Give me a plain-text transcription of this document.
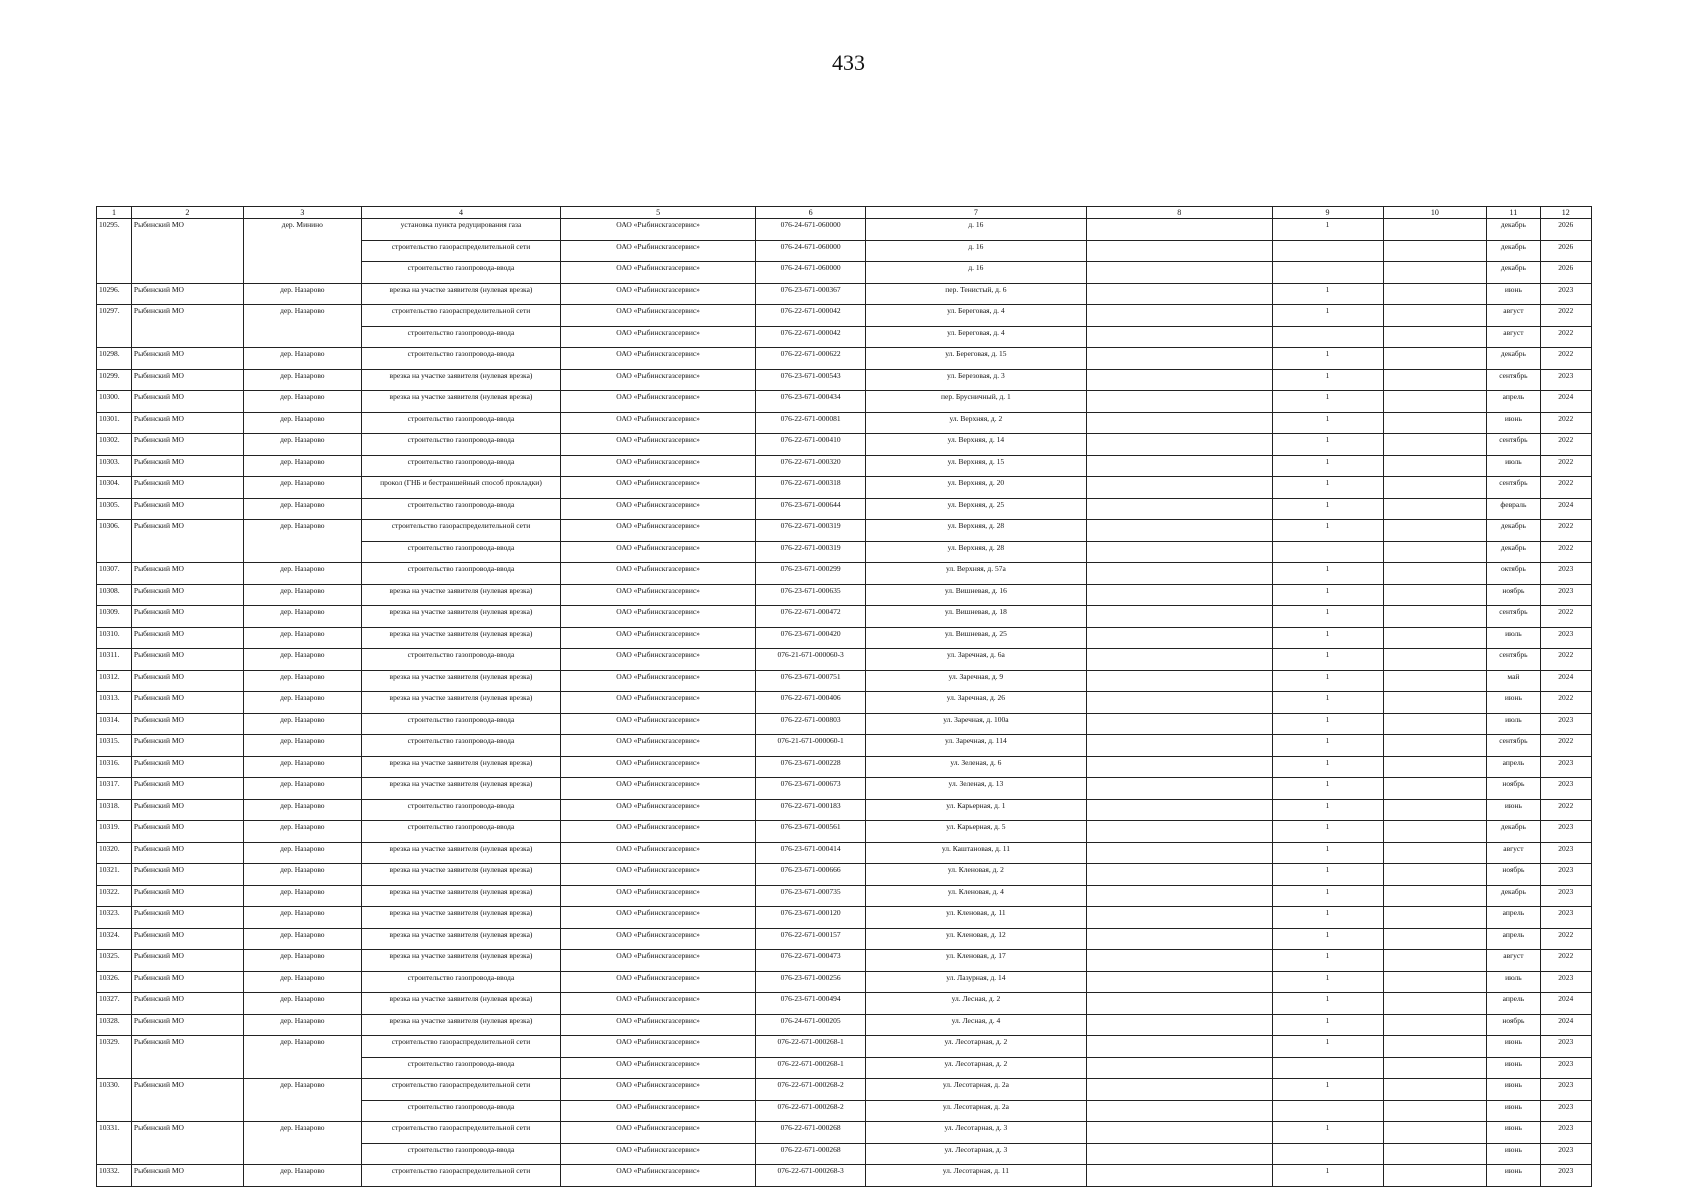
433
1	2	3	4	5	6	7	8	9	10	11	12
10295.	Рыбинский МО	дер. Минино	установка пункта редуцирования газа	ОАО «Рыбинскгазсервис»	076-24-671-060000	д. 16		1		декабрь	2026
			строительство газораспределительной сети	ОАО «Рыбинскгазсервис»	076-24-671-060000	д. 16				декабрь	2026
			строительство газопровода-ввода	ОАО «Рыбинскгазсервис»	076-24-671-060000	д. 16				декабрь	2026
10296.	Рыбинский МО	дер. Назарово	врезка на участке заявителя (нулевая врезка)	ОАО «Рыбинскгазсервис»	076-23-671-000367	пер. Тенистый, д. 6		1		июнь	2023
10297.	Рыбинский МО	дер. Назарово	строительство газораспределительной сети	ОАО «Рыбинскгазсервис»	076-22-671-000042	ул. Береговая, д. 4		1		август	2022
			строительство газопровода-ввода	ОАО «Рыбинскгазсервис»	076-22-671-000042	ул. Береговая, д. 4				август	2022
10298.	Рыбинский МО	дер. Назарово	строительство газопровода-ввода	ОАО «Рыбинскгазсервис»	076-22-671-000622	ул. Береговая, д. 15		1		декабрь	2022
10299.	Рыбинский МО	дер. Назарово	врезка на участке заявителя (нулевая врезка)	ОАО «Рыбинскгазсервис»	076-23-671-000543	ул. Березовая, д. 3		1		сентябрь	2023
10300.	Рыбинский МО	дер. Назарово	врезка на участке заявителя (нулевая врезка)	ОАО «Рыбинскгазсервис»	076-23-671-000434	пер. Брусничный, д. 1		1		апрель	2024
10301.	Рыбинский МО	дер. Назарово	строительство газопровода-ввода	ОАО «Рыбинскгазсервис»	076-22-671-000081	ул. Верхняя, д. 2		1		июнь	2022
10302.	Рыбинский МО	дер. Назарово	строительство газопровода-ввода	ОАО «Рыбинскгазсервис»	076-22-671-000410	ул. Верхняя, д. 14		1		сентябрь	2022
10303.	Рыбинский МО	дер. Назарово	строительство газопровода-ввода	ОАО «Рыбинскгазсервис»	076-22-671-000320	ул. Верхняя, д. 15		1		июль	2022
10304.	Рыбинский МО	дер. Назарово	прокол (ГНБ и бестраншейный способ прокладки)	ОАО «Рыбинскгазсервис»	076-22-671-000318	ул. Верхняя, д. 20		1		сентябрь	2022
10305.	Рыбинский МО	дер. Назарово	строительство газопровода-ввода	ОАО «Рыбинскгазсервис»	076-23-671-000644	ул. Верхняя, д. 25		1		февраль	2024
10306.	Рыбинский МО	дер. Назарово	строительство газораспределительной сети	ОАО «Рыбинскгазсервис»	076-22-671-000319	ул. Верхняя, д. 28		1		декабрь	2022
			строительство газопровода-ввода	ОАО «Рыбинскгазсервис»	076-22-671-000319	ул. Верхняя, д. 28				декабрь	2022
10307.	Рыбинский МО	дер. Назарово	строительство газопровода-ввода	ОАО «Рыбинскгазсервис»	076-23-671-000299	ул. Верхняя, д. 57а		1		октябрь	2023
10308.	Рыбинский МО	дер. Назарово	врезка на участке заявителя (нулевая врезка)	ОАО «Рыбинскгазсервис»	076-23-671-000635	ул. Вишневая, д. 16		1		ноябрь	2023
10309.	Рыбинский МО	дер. Назарово	врезка на участке заявителя (нулевая врезка)	ОАО «Рыбинскгазсервис»	076-22-671-000472	ул. Вишневая, д. 18		1		сентябрь	2022
10310.	Рыбинский МО	дер. Назарово	врезка на участке заявителя (нулевая врезка)	ОАО «Рыбинскгазсервис»	076-23-671-000420	ул. Вишневая, д. 25		1		июль	2023
10311.	Рыбинский МО	дер. Назарово	строительство газопровода-ввода	ОАО «Рыбинскгазсервис»	076-21-671-000060-3	ул. Заречная, д. 6а		1		сентябрь	2022
10312.	Рыбинский МО	дер. Назарово	врезка на участке заявителя (нулевая врезка)	ОАО «Рыбинскгазсервис»	076-23-671-000751	ул. Заречная, д. 9		1		май	2024
10313.	Рыбинский МО	дер. Назарово	врезка на участке заявителя (нулевая врезка)	ОАО «Рыбинскгазсервис»	076-22-671-000406	ул. Заречная, д. 26		1		июнь	2022
10314.	Рыбинский МО	дер. Назарово	строительство газопровода-ввода	ОАО «Рыбинскгазсервис»	076-22-671-000803	ул. Заречная, д. 100а		1		июль	2023
10315.	Рыбинский МО	дер. Назарово	строительство газопровода-ввода	ОАО «Рыбинскгазсервис»	076-21-671-000060-1	ул. Заречная, д. 114		1		сентябрь	2022
10316.	Рыбинский МО	дер. Назарово	врезка на участке заявителя (нулевая врезка)	ОАО «Рыбинскгазсервис»	076-23-671-000228	ул. Зеленая, д. 6		1		апрель	2023
10317.	Рыбинский МО	дер. Назарово	врезка на участке заявителя (нулевая врезка)	ОАО «Рыбинскгазсервис»	076-23-671-000673	ул. Зеленая, д. 13		1		ноябрь	2023
10318.	Рыбинский МО	дер. Назарово	строительство газопровода-ввода	ОАО «Рыбинскгазсервис»	076-22-671-000183	ул. Карьерная, д. 1		1		июнь	2022
10319.	Рыбинский МО	дер. Назарово	строительство газопровода-ввода	ОАО «Рыбинскгазсервис»	076-23-671-000561	ул. Карьерная, д. 5		1		декабрь	2023
10320.	Рыбинский МО	дер. Назарово	врезка на участке заявителя (нулевая врезка)	ОАО «Рыбинскгазсервис»	076-23-671-000414	ул. Каштановая, д. 11		1		август	2023
10321.	Рыбинский МО	дер. Назарово	врезка на участке заявителя (нулевая врезка)	ОАО «Рыбинскгазсервис»	076-23-671-000666	ул. Кленовая, д. 2		1		ноябрь	2023
10322.	Рыбинский МО	дер. Назарово	врезка на участке заявителя (нулевая врезка)	ОАО «Рыбинскгазсервис»	076-23-671-000735	ул. Кленовая, д. 4		1		декабрь	2023
10323.	Рыбинский МО	дер. Назарово	врезка на участке заявителя (нулевая врезка)	ОАО «Рыбинскгазсервис»	076-23-671-000120	ул. Кленовая, д. 11		1		апрель	2023
10324.	Рыбинский МО	дер. Назарово	врезка на участке заявителя (нулевая врезка)	ОАО «Рыбинскгазсервис»	076-22-671-000157	ул. Кленовая, д. 12		1		апрель	2022
10325.	Рыбинский МО	дер. Назарово	врезка на участке заявителя (нулевая врезка)	ОАО «Рыбинскгазсервис»	076-22-671-000473	ул. Кленовая, д. 17		1		август	2022
10326.	Рыбинский МО	дер. Назарово	строительство газопровода-ввода	ОАО «Рыбинскгазсервис»	076-23-671-000256	ул. Лазурная, д. 14		1		июль	2023
10327.	Рыбинский МО	дер. Назарово	врезка на участке заявителя (нулевая врезка)	ОАО «Рыбинскгазсервис»	076-23-671-000494	ул. Лесная, д. 2		1		апрель	2024
10328.	Рыбинский МО	дер. Назарово	врезка на участке заявителя (нулевая врезка)	ОАО «Рыбинскгазсервис»	076-24-671-000205	ул. Лесная, д. 4		1		ноябрь	2024
10329.	Рыбинский МО	дер. Назарово	строительство газораспределительной сети	ОАО «Рыбинскгазсервис»	076-22-671-000268-1	ул. Лесотарная, д. 2		1		июнь	2023
			строительство газопровода-ввода	ОАО «Рыбинскгазсервис»	076-22-671-000268-1	ул. Лесотарная, д. 2				июнь	2023
10330.	Рыбинский МО	дер. Назарово	строительство газораспределительной сети	ОАО «Рыбинскгазсервис»	076-22-671-000268-2	ул. Лесотарная, д. 2а		1		июнь	2023
			строительство газопровода-ввода	ОАО «Рыбинскгазсервис»	076-22-671-000268-2	ул. Лесотарная, д. 2а				июнь	2023
10331.	Рыбинский МО	дер. Назарово	строительство газораспределительной сети	ОАО «Рыбинскгазсервис»	076-22-671-000268	ул. Лесотарная, д. 3		1		июнь	2023
			строительство газопровода-ввода	ОАО «Рыбинскгазсервис»	076-22-671-000268	ул. Лесотарная, д. 3				июнь	2023
10332.	Рыбинский МО	дер. Назарово	строительство газораспределительной сети	ОАО «Рыбинскгазсервис»	076-22-671-000268-3	ул. Лесотарная, д. 11		1		июнь	2023
